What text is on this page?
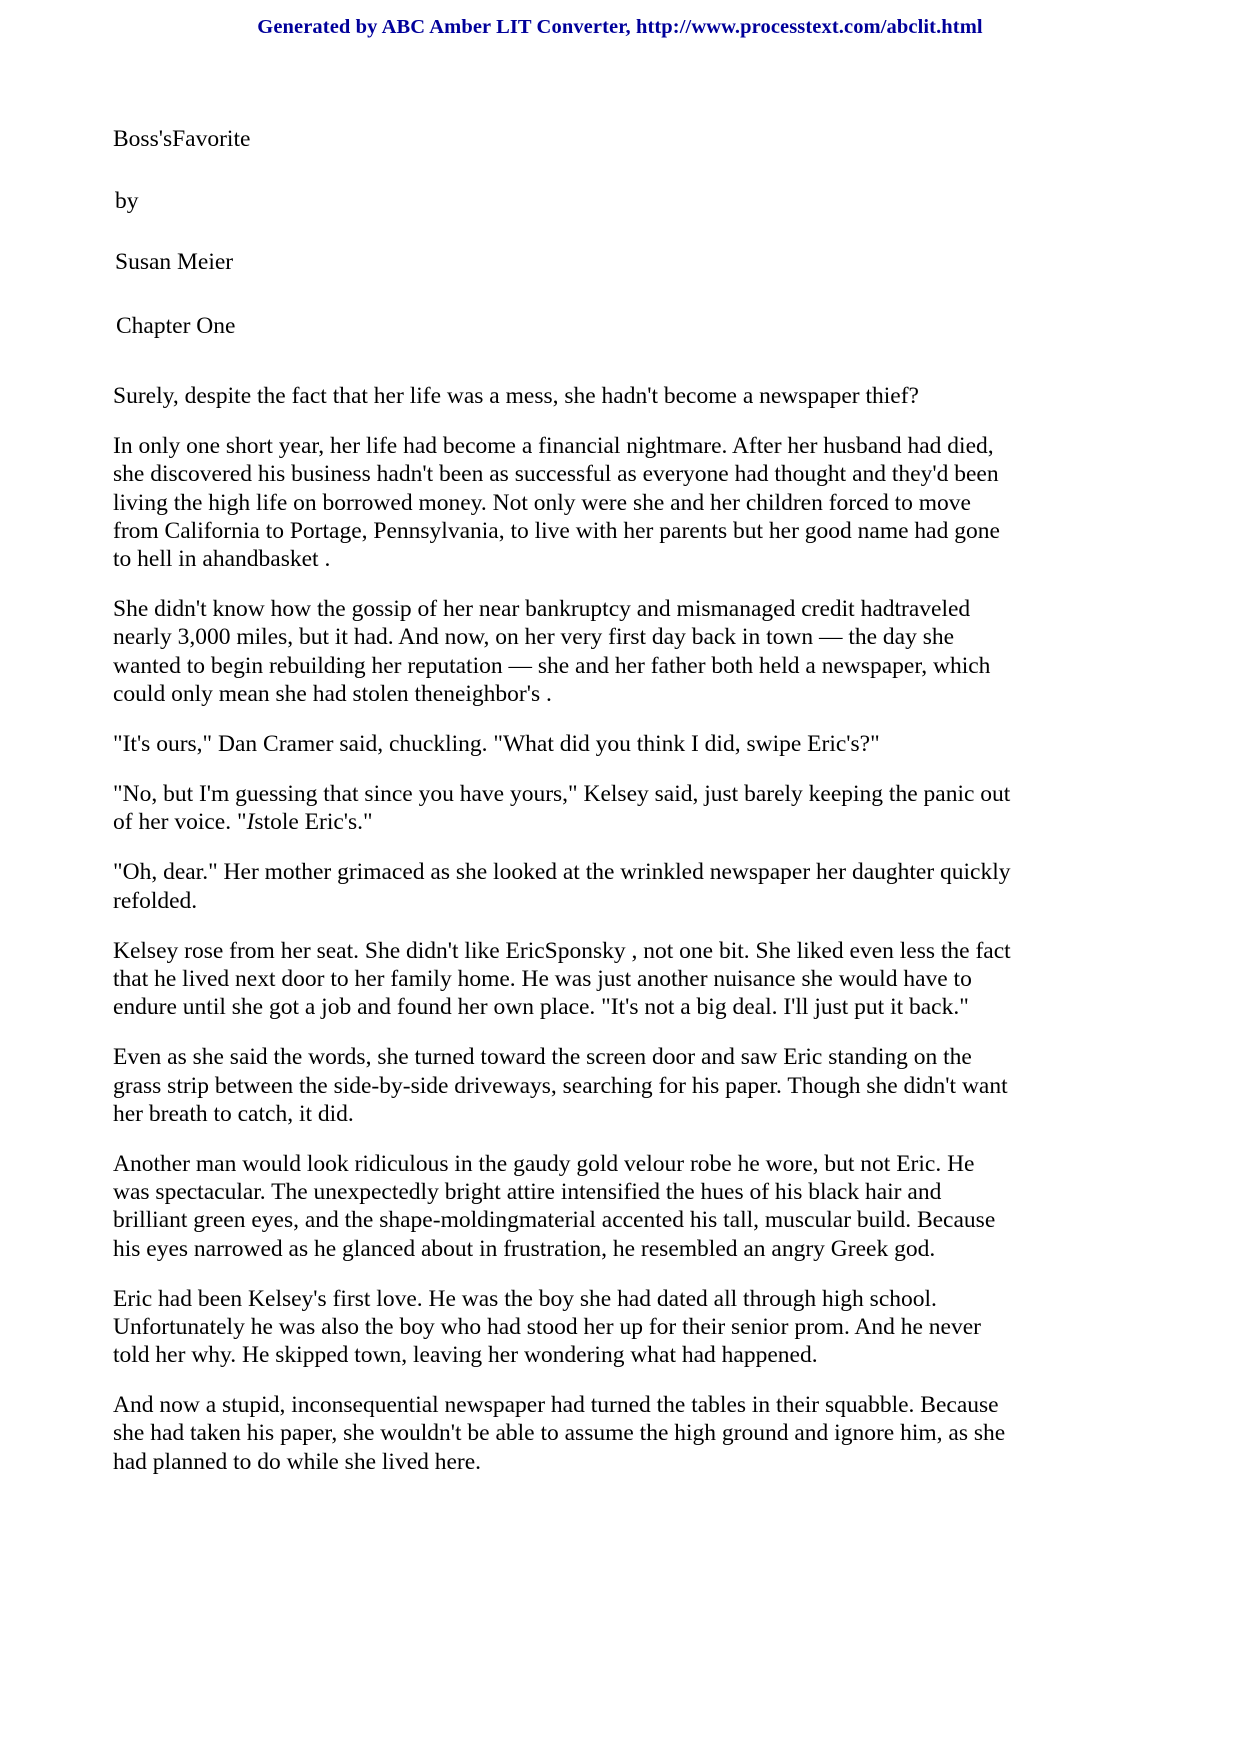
Generated by ABC Amber LIT Converter, http://www.processtext.com/abclit.html
Boss'sFavorite
by
Susan Meier
Chapter One

Surely, despite the fact that her life was a mess, she hadn't become a newspaper thief?

In only one short year, her life had become a financial nightmare. After her husband had died, she discovered his business hadn't been as successful as everyone had thought and they'd been living the high life on borrowed money. Not only were she and her children forced to move from California to Portage, Pennsylvania, to live with her parents but her good name had gone to hell in ahandbasket .

She didn't know how the gossip of her near bankruptcy and mismanaged credit hadtraveled nearly 3,000 miles, but it had. And now, on her very first day back in town — the day she wanted to begin rebuilding her reputation — she and her father both held a newspaper, which could only mean she had stolen theneighbor's .

"It's ours," Dan Cramer said, chuckling. "What did you think I did, swipe Eric's?"

"No, but I'm guessing that since you have yours," Kelsey said, just barely keeping the panic out of her voice. "Istole Eric's."

"Oh, dear." Her mother grimaced as she looked at the wrinkled newspaper her daughter quickly refolded.

Kelsey rose from her seat. She didn't like EricSponsky , not one bit. She liked even less the fact that he lived next door to her family home. He was just another nuisance she would have to endure until she got a job and found her own place. "It's not a big deal. I'll just put it back."

Even as she said the words, she turned toward the screen door and saw Eric standing on the grass strip between the side-by-side driveways, searching for his paper. Though she didn't want her breath to catch, it did.

Another man would look ridiculous in the gaudy gold velour robe he wore, but not Eric. He was spectacular. The unexpectedly bright attire intensified the hues of his black hair and brilliant green eyes, and the shape-moldingmaterial accented his tall, muscular build. Because his eyes narrowed as he glanced about in frustration, he resembled an angry Greek god.

Eric had been Kelsey's first love. He was the boy she had dated all through high school. Unfortunately he was also the boy who had stood her up for their senior prom. And he never told her why. He skipped town, leaving her wondering what had happened.

And now a stupid, inconsequential newspaper had turned the tables in their squabble. Because she had taken his paper, she wouldn't be able to assume the high ground and ignore him, as she had planned to do while she lived here.
